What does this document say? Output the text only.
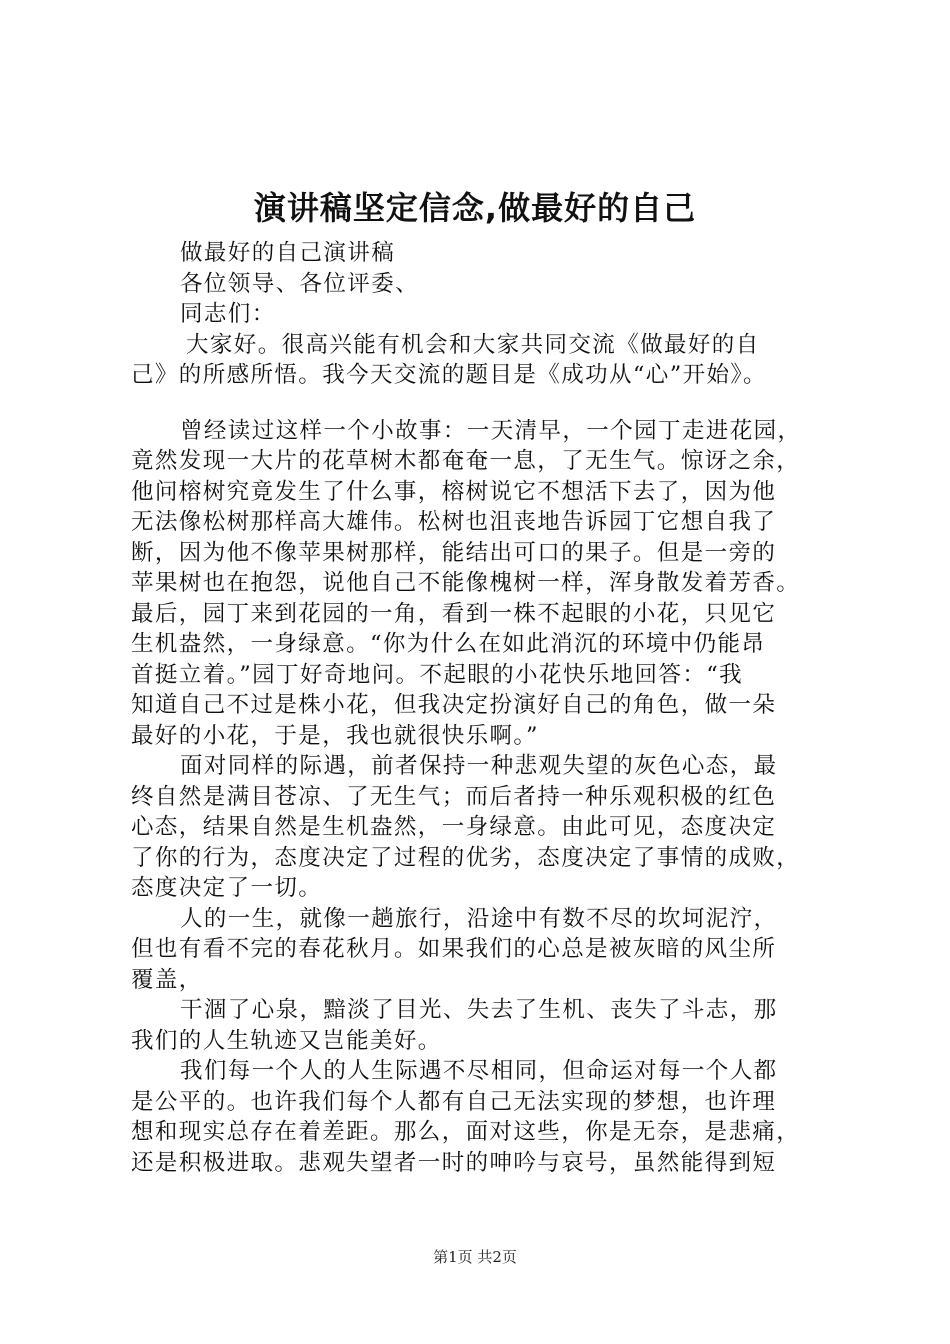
演讲稿坚定信念,做最好的自己
做最好的自己演讲稿
各位领导、各位评委、
同志们：
大家好。很高兴能有机会和大家共同交流《做最好的自
己》的所感所悟。我今天交流的题目是《成功从“心”开始》。
曾经读过这样一个小故事：一天清早，一个园丁走进花园，
竟然发现一大片的花草树木都奄奄一息，了无生气。惊讶之余，
他问榕树究竟发生了什么事，榕树说它不想活下去了，因为他
无法像松树那样高大雄伟。松树也沮丧地告诉园丁它想自我了
断，因为他不像苹果树那样，能结出可口的果子。但是一旁的
苹果树也在抱怨，说他自己不能像槐树一样，浑身散发着芳香。
最后，园丁来到花园的一角，看到一株不起眼的小花，只见它
生机盎然，一身绿意。“你为什么在如此消沉的环境中仍能昂
首挺立着。”园丁好奇地问。不起眼的小花快乐地回答：“我
知道自己不过是株小花，但我决定扮演好自己的角色，做一朵
最好的小花，于是，我也就很快乐啊。”
面对同样的际遇，前者保持一种悲观失望的灰色心态，最
终自然是满目苍凉、了无生气；而后者持一种乐观积极的红色
心态，结果自然是生机盎然，一身绿意。由此可见，态度决定
了你的行为，态度决定了过程的优劣，态度决定了事情的成败，
态度决定了一切。
人的一生，就像一趟旅行，沿途中有数不尽的坎坷泥泞，
但也有看不完的春花秋月。如果我们的心总是被灰暗的风尘所
覆盖，
干涸了心泉，黯淡了目光、失去了生机、丧失了斗志，那
我们的人生轨迹又岂能美好。
我们每一个人的人生际遇不尽相同，但命运对每一个人都
是公平的。也许我们每个人都有自己无法实现的梦想，也许理
想和现实总存在着差距。那么，面对这些，你是无奈，是悲痛，
还是积极进取。悲观失望者一时的呻吟与哀号，虽然能得到短
第1页 共2页
